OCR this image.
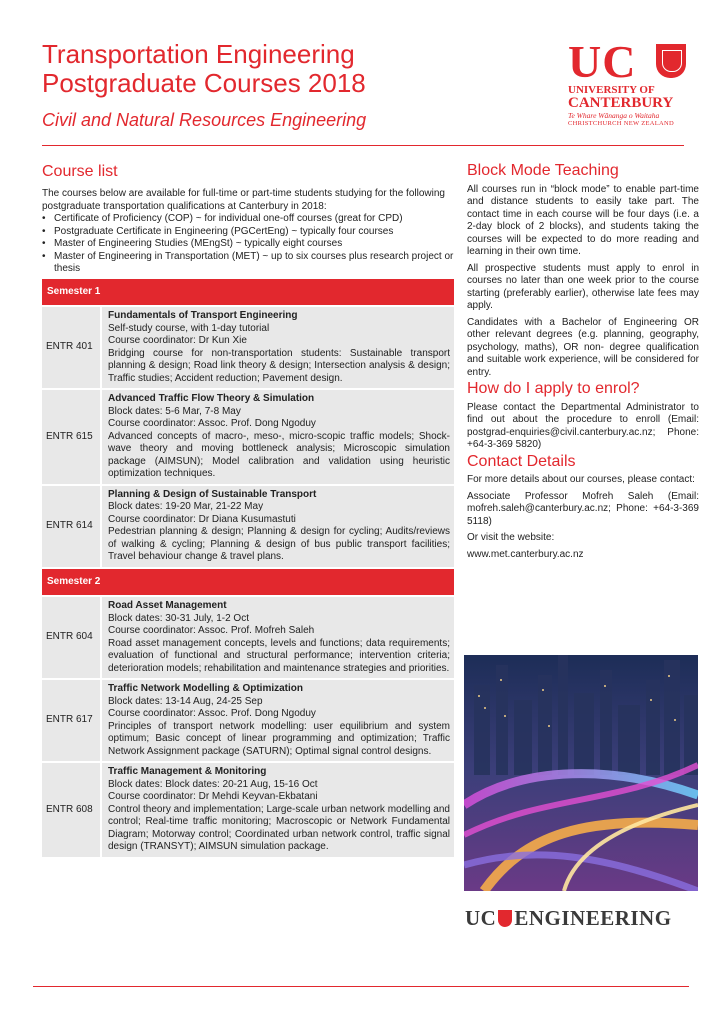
Transportation Engineering
Postgraduate Courses 2018
Civil and Natural Resources Engineering
UC
UNIVERSITY OF
CANTERBURY
Te Whare Wānanga o Waitaha
CHRISTCHURCH NEW ZEALAND
Course list
The courses below are available for full-time or part-time students studying for the following postgraduate transportation qualifications at Canterbury in 2018:
• Certificate of Proficiency (COP) ~ for individual one-off courses (great for CPD)
• Postgraduate Certificate in Engineering (PGCertEng) ~ typically four courses
• Master of Engineering Studies (MEngSt) ~ typically eight courses
• Master of Engineering in Transportation (MET) ~ up to six courses plus research project or thesis
Semester 1	
ENTR 401	Fundamentals of Transport Engineering
Self-study course, with 1-day tutorial
Course coordinator: Dr Kun Xie
Bridging course for non-transportation students: Sustainable transport planning & design; Road link theory & design; Intersection analysis & design; Traffic studies; Accident reduction; Pavement design.

ENTR 615	Advanced Traffic Flow Theory & Simulation
Block dates: 5-6 Mar, 7-8 May
Course coordinator: Assoc. Prof. Dong Ngoduy
Advanced concepts of macro-, meso-, micro-scopic traffic models; Shock-wave theory and moving bottleneck analysis; Microscopic simulation package (AIMSUN); Model calibration and validation using heuristic optimization techniques.

ENTR 614	Planning & Design of Sustainable Transport
Block dates: 19-20 Mar, 21-22 May
Course coordinator: Dr Diana Kusumastuti
Pedestrian planning & design; Planning & design for cycling; Audits/reviews of walking & cycling; Planning & design of bus public transport facilities; Travel behaviour change & travel plans.

Semester 2	
ENTR 604	Road Asset Management
Block dates: 30-31 July, 1-2 Oct
Course coordinator: Assoc. Prof. Mofreh Saleh
Road asset management concepts, levels and functions; data requirements; evaluation of functional and structural performance; intervention criteria; deterioration models; rehabilitation and maintenance strategies and priorities.

ENTR 617	Traffic Network Modelling & Optimization
Block dates: 13-14 Aug, 24-25 Sep
Course coordinator: Assoc. Prof. Dong Ngoduy
Principles of transport network modelling: user equilibrium and system optimum; Basic concept of linear programming and optimization; Traffic Network Assignment package (SATURN); Optimal signal control designs.

ENTR 608	Traffic Management & Monitoring
Block dates: Block dates: 20-21 Aug, 15-16 Oct
Course coordinator: Dr Mehdi Keyvan-Ekbatani
Control theory and implementation; Large-scale urban network modelling and control; Real-time traffic monitoring; Macroscopic or Network Fundamental Diagram; Motorway control; Coordinated urban network control, traffic signal design (TRANSYT); AIMSUN simulation package.
Block Mode Teaching

All courses run in “block mode” to enable part-time and distance students to easily take part. The contact time in each course will be four days (i.e. a 2-day block of 2 blocks), and students taking the courses will be expected to do more reading and learning in their own time.

All prospective students must apply to enrol in courses no later than one week prior to the course starting (preferably earlier), otherwise late fees may apply.

Candidates with a Bachelor of Engineering OR other relevant degrees (e.g. planning, geography, psychology, maths), OR non- degree qualification and suitable work experience, will be considered for entry.

How do I apply to enrol?

Please contact the Departmental Administrator to find out about the procedure to enroll (Email: postgrad-enquiries@civil.canterbury.ac.nz; Phone: +64-3-369 5820)

Contact Details

For more details about our courses, please contact:

Associate Professor Mofreh Saleh (Email: mofreh.saleh@canterbury.ac.nz; Phone: +64-3-369 5118)

Or visit the website:

www.met.canterbury.ac.nz

UC ENGINEERING
